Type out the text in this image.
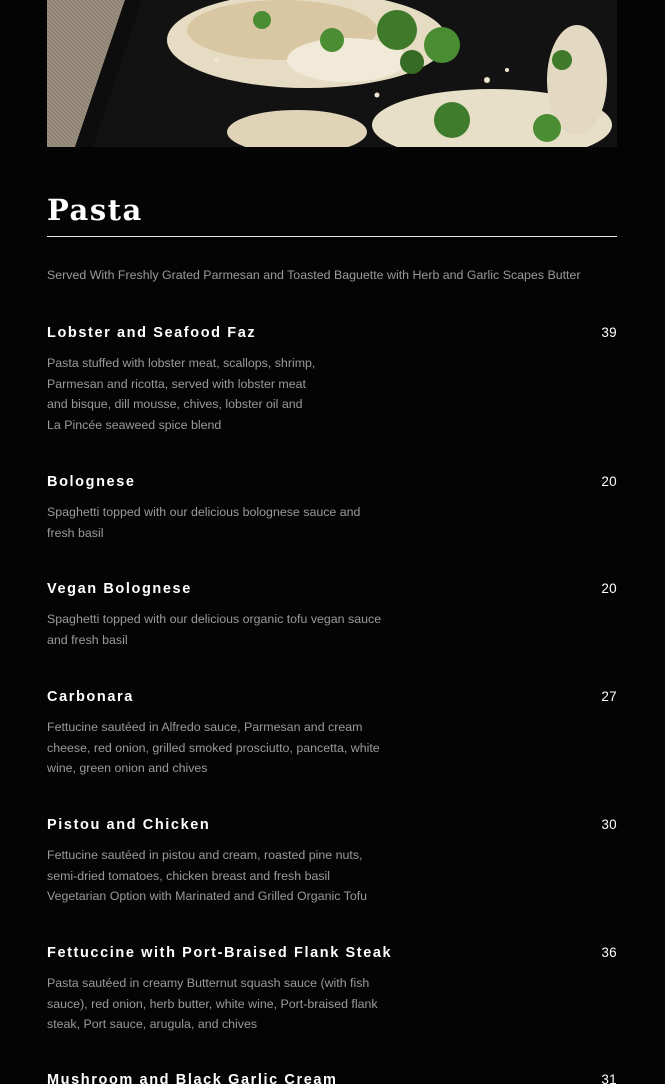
Pasta
Served With Freshly Grated Parmesan and Toasted Baguette with Herb and Garlic Scapes Butter
Lobster and Seafood Faz	39
Pasta stuffed with lobster meat, scallops, shrimp,
Parmesan and ricotta, served with lobster meat
and bisque, dill mousse, chives, lobster oil and
La Pincée seaweed spice blend
Bolognese	20
Spaghetti topped with our delicious bolognese sauce and
fresh basil
Vegan Bolognese	20
Spaghetti topped with our delicious organic tofu vegan sauce
and fresh basil
Carbonara	27
Fettucine sautéed in Alfredo sauce, Parmesan and cream
cheese, red onion, grilled smoked prosciutto, pancetta, white
wine, green onion and chives
Pistou and Chicken	30
Fettucine sautéed in pistou and cream, roasted pine nuts,
semi-dried tomatoes, chicken breast and fresh basil
Vegetarian Option with Marinated and Grilled Organic Tofu
Fettuccine with Port-Braised Flank Steak	36
Pasta sautéed in creamy Butternut squash sauce (with fish
sauce), red onion, herb butter, white wine, Port-braised flank
steak, Port sauce, arugula, and chives
Mushroom and Black Garlic Cream	31
